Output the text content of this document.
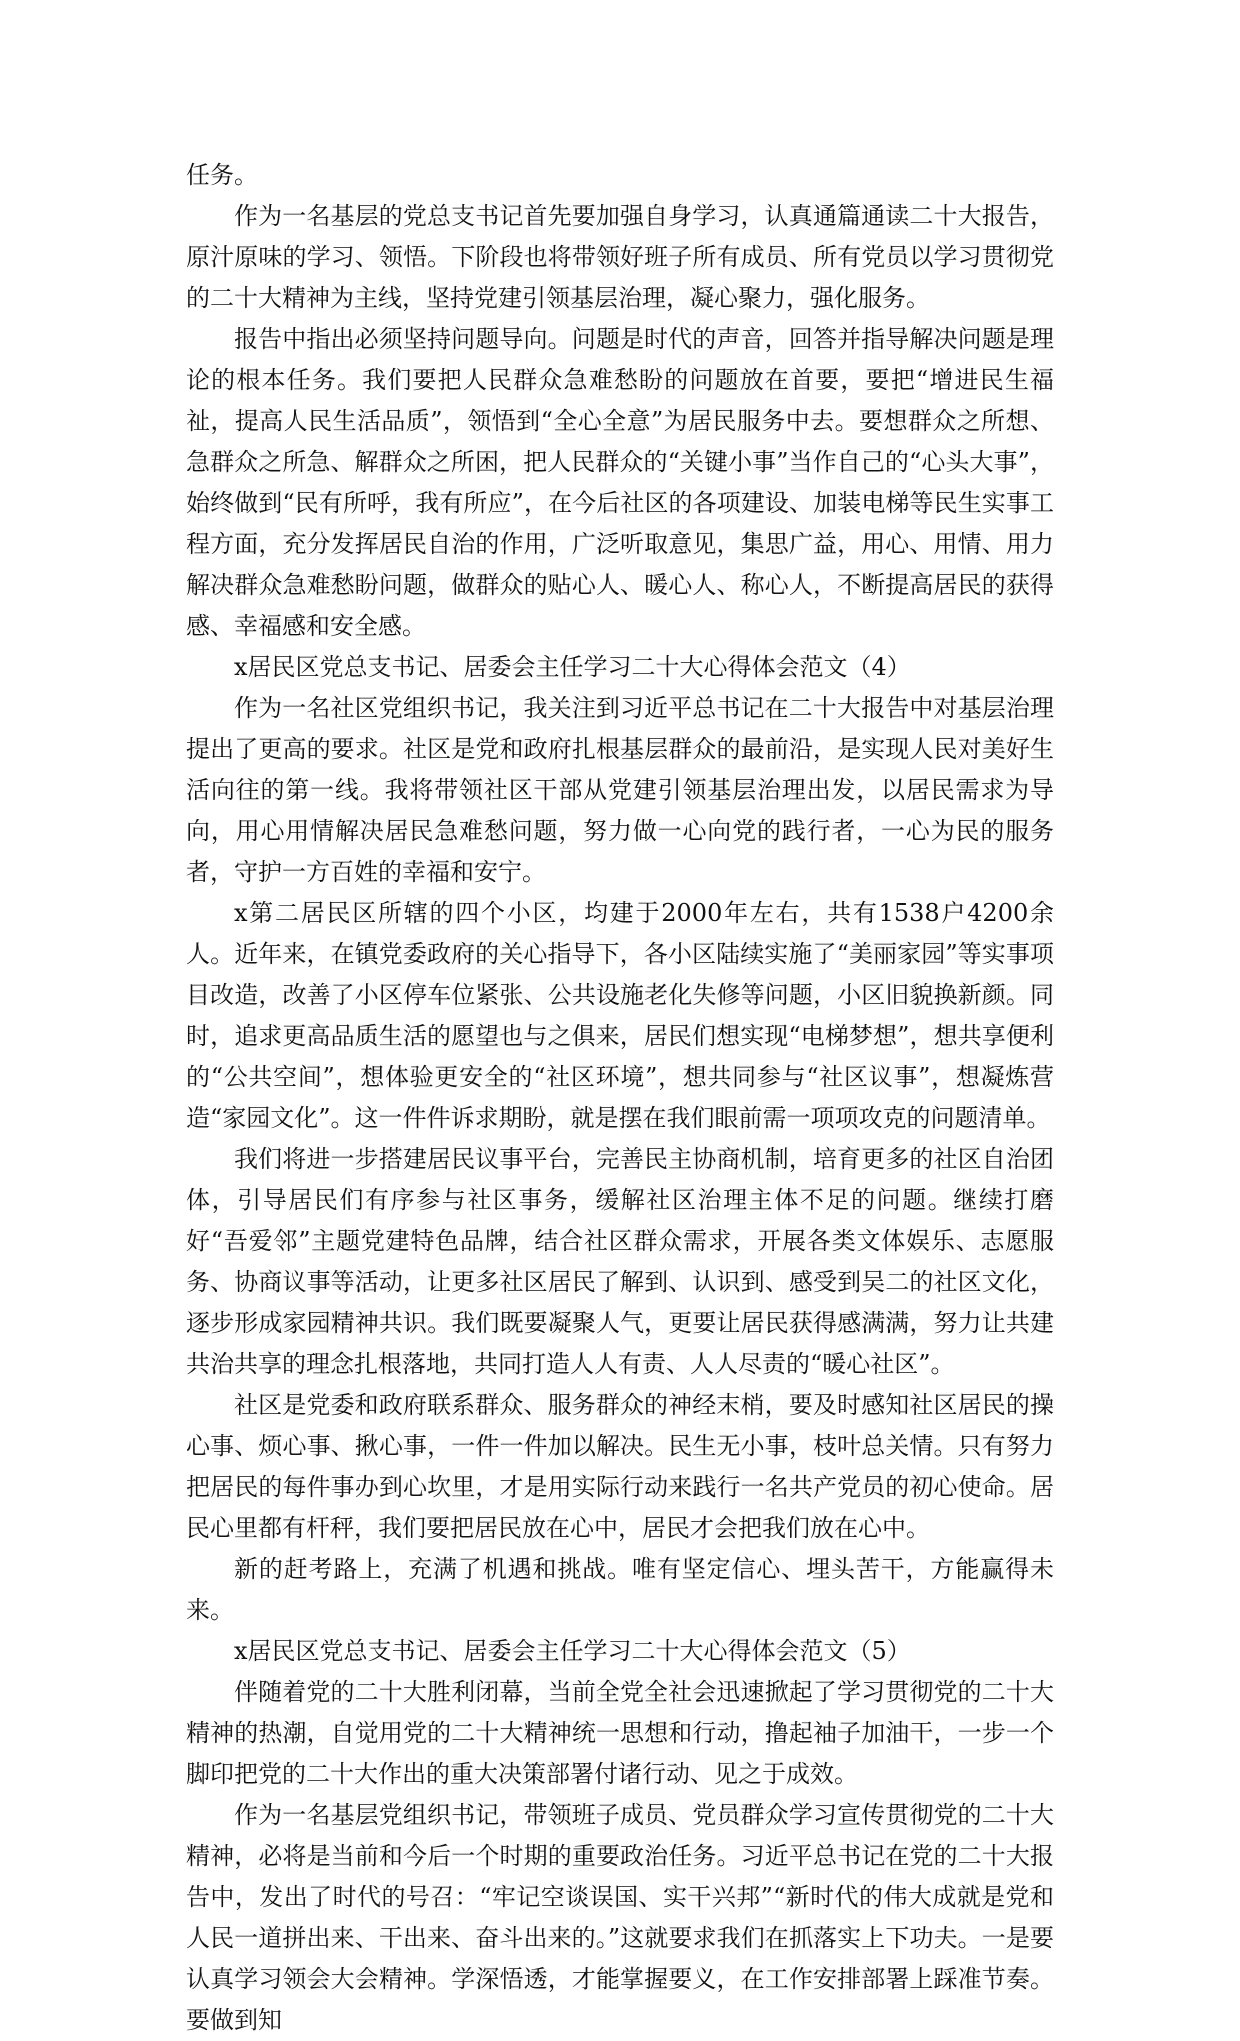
任务。

作为一名基层的党总支书记首先要加强自身学习，认真通篇通读二十大报告，原汁原味的学习、领悟。下阶段也将带领好班子所有成员、所有党员以学习贯彻党的二十大精神为主线，坚持党建引领基层治理，凝心聚力，强化服务。

报告中指出必须坚持问题导向。问题是时代的声音，回答并指导解决问题是理论的根本任务。我们要把人民群众急难愁盼的问题放在首要，要把“增进民生福祉，提高人民生活品质”，领悟到“全心全意”为居民服务中去。要想群众之所想、急群众之所急、解群众之所困，把人民群众的“关键小事”当作自己的“心头大事”，始终做到“民有所呼，我有所应”，在今后社区的各项建设、加装电梯等民生实事工程方面，充分发挥居民自治的作用，广泛听取意见，集思广益，用心、用情、用力解决群众急难愁盼问题，做群众的贴心人、暖心人、称心人，不断提高居民的获得感、幸福感和安全感。

x居民区党总支书记、居委会主任学习二十大心得体会范文（4）

作为一名社区党组织书记，我关注到习近平总书记在二十大报告中对基层治理提出了更高的要求。社区是党和政府扎根基层群众的最前沿，是实现人民对美好生活向往的第一线。我将带领社区干部从党建引领基层治理出发，以居民需求为导向，用心用情解决居民急难愁问题，努力做一心向党的践行者，一心为民的服务者，守护一方百姓的幸福和安宁。

x第二居民区所辖的四个小区，均建于2000年左右，共有1538户4200余人。近年来，在镇党委政府的关心指导下，各小区陆续实施了“美丽家园”等实事项目改造，改善了小区停车位紧张、公共设施老化失修等问题，小区旧貌换新颜。同时，追求更高品质生活的愿望也与之俱来，居民们想实现“电梯梦想”，想共享便利的“公共空间”，想体验更安全的“社区环境”，想共同参与“社区议事”，想凝炼营造“家园文化”。这一件件诉求期盼，就是摆在我们眼前需一项项攻克的问题清单。

我们将进一步搭建居民议事平台，完善民主协商机制，培育更多的社区自治团体，引导居民们有序参与社区事务，缓解社区治理主体不足的问题。继续打磨好“吾爱邻”主题党建特色品牌，结合社区群众需求，开展各类文体娱乐、志愿服务、协商议事等活动，让更多社区居民了解到、认识到、感受到吴二的社区文化，逐步形成家园精神共识。我们既要凝聚人气，更要让居民获得感满满，努力让共建共治共享的理念扎根落地，共同打造人人有责、人人尽责的“暖心社区”。

社区是党委和政府联系群众、服务群众的神经末梢，要及时感知社区居民的操心事、烦心事、揪心事，一件一件加以解决。民生无小事，枝叶总关情。只有努力把居民的每件事办到心坎里，才是用实际行动来践行一名共产党员的初心使命。居民心里都有杆秤，我们要把居民放在心中，居民才会把我们放在心中。

新的赶考路上，充满了机遇和挑战。唯有坚定信心、埋头苦干，方能赢得未来。

x居民区党总支书记、居委会主任学习二十大心得体会范文（5）

伴随着党的二十大胜利闭幕，当前全党全社会迅速掀起了学习贯彻党的二十大精神的热潮，自觉用党的二十大精神统一思想和行动，撸起袖子加油干，一步一个脚印把党的二十大作出的重大决策部署付诸行动、见之于成效。

作为一名基层党组织书记，带领班子成员、党员群众学习宣传贯彻党的二十大精神，必将是当前和今后一个时期的重要政治任务。习近平总书记在党的二十大报告中，发出了时代的号召：“牢记空谈误国、实干兴邦”“新时代的伟大成就是党和人民一道拼出来、干出来、奋斗出来的。”这就要求我们在抓落实上下功夫。一是要认真学习领会大会精神。学深悟透，才能掌握要义，在工作安排部署上踩准节奏。要做到知
